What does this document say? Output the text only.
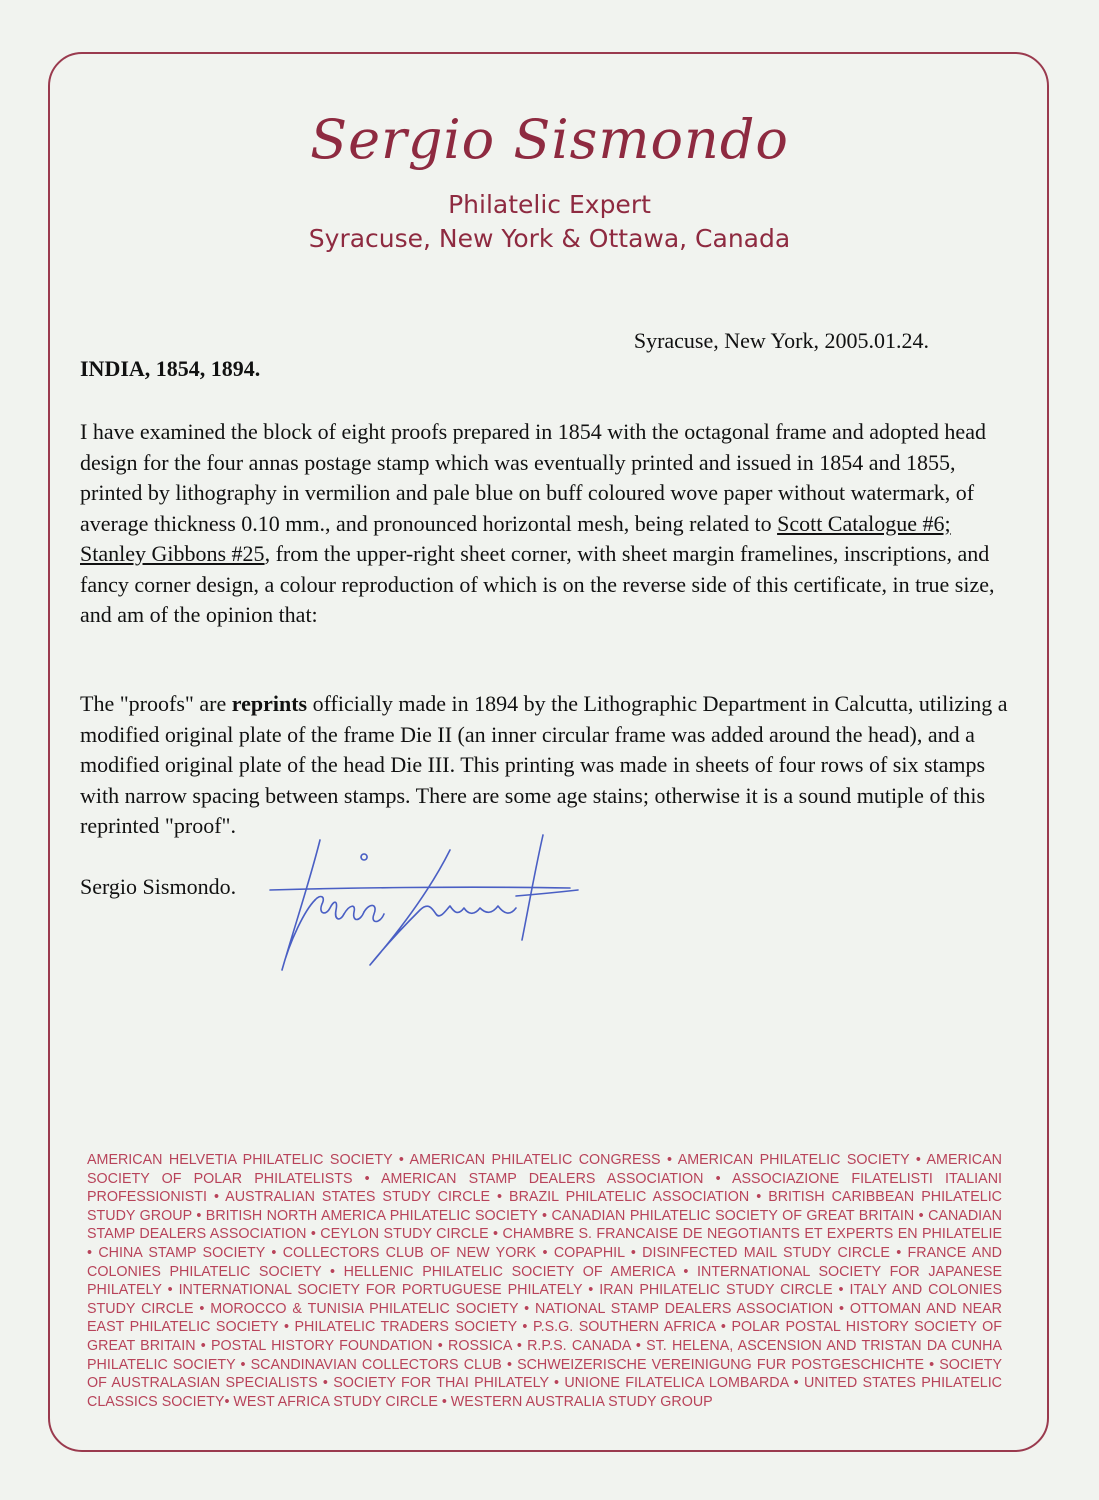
Sergio Sismondo
Philatelic Expert
Syracuse, New York & Ottawa, Canada
Syracuse, New York, 2005.01.24.
INDIA, 1854, 1894.
I have examined the block of eight proofs prepared in 1854 with the octagonal frame and adopted head design for the four annas postage stamp which was eventually printed and issued in 1854 and 1855, printed by lithography in vermilion and pale blue on buff coloured wove paper without watermark, of average thickness 0.10 mm., and pronounced horizontal mesh, being related to Scott Catalogue #6; Stanley Gibbons #25, from the upper-right sheet corner, with sheet margin framelines, inscriptions, and fancy corner design, a colour reproduction of which is on the reverse side of this certificate, in true size, and am of the opinion that:
The "proofs" are reprints officially made in 1894 by the Lithographic Department in Calcutta, utilizing a modified original plate of the frame Die II (an inner circular frame was added around the head), and a modified original plate of the head Die III. This printing was made in sheets of four rows of six stamps with narrow spacing between stamps. There are some age stains; otherwise it is a sound mutiple of this reprinted "proof".
Sergio Sismondo.
AMERICAN HELVETIA PHILATELIC SOCIETY • AMERICAN PHILATELIC CONGRESS • AMERICAN PHILATELIC SOCIETY • AMERICAN SOCIETY OF POLAR PHILATELISTS • AMERICAN STAMP DEALERS ASSOCIATION • ASSOCIAZIONE FILATELISTI ITALIANI PROFESSIONISTI • AUSTRALIAN STATES STUDY CIRCLE • BRAZIL PHILATELIC ASSOCIATION • BRITISH CARIBBEAN PHILATELIC STUDY GROUP • BRITISH NORTH AMERICA PHILATELIC SOCIETY • CANADIAN PHILATELIC SOCIETY OF GREAT BRITAIN • CANADIAN STAMP DEALERS ASSOCIATION • CEYLON STUDY CIRCLE • CHAMBRE S. FRANCAISE DE NEGOTIANTS ET EXPERTS EN PHILATELIE • CHINA STAMP SOCIETY • COLLECTORS CLUB OF NEW YORK • COPAPHIL • DISINFECTED MAIL STUDY CIRCLE • FRANCE AND COLONIES PHILATELIC SOCIETY • HELLENIC PHILATELIC SOCIETY OF AMERICA • INTERNATIONAL SOCIETY FOR JAPANESE PHILATELY • INTERNATIONAL SOCIETY FOR PORTUGUESE PHILATELY • IRAN PHILATELIC STUDY CIRCLE • ITALY AND COLONIES STUDY CIRCLE • MOROCCO & TUNISIA PHILATELIC SOCIETY • NATIONAL STAMP DEALERS ASSOCIATION • OTTOMAN AND NEAR EAST PHILATELIC SOCIETY • PHILATELIC TRADERS SOCIETY • P.S.G. SOUTHERN AFRICA • POLAR POSTAL HISTORY SOCIETY OF GREAT BRITAIN • POSTAL HISTORY FOUNDATION • ROSSICA • R.P.S. CANADA • ST. HELENA, ASCENSION AND TRISTAN DA CUNHA PHILATELIC SOCIETY • SCANDINAVIAN COLLECTORS CLUB • SCHWEIZERISCHE VEREINIGUNG FUR POSTGESCHICHTE • SOCIETY OF AUSTRALASIAN SPECIALISTS • SOCIETY FOR THAI PHILATELY • UNIONE FILATELICA LOMBARDA • UNITED STATES PHILATELIC CLASSICS SOCIETY• WEST AFRICA STUDY CIRCLE • WESTERN AUSTRALIA STUDY GROUP
